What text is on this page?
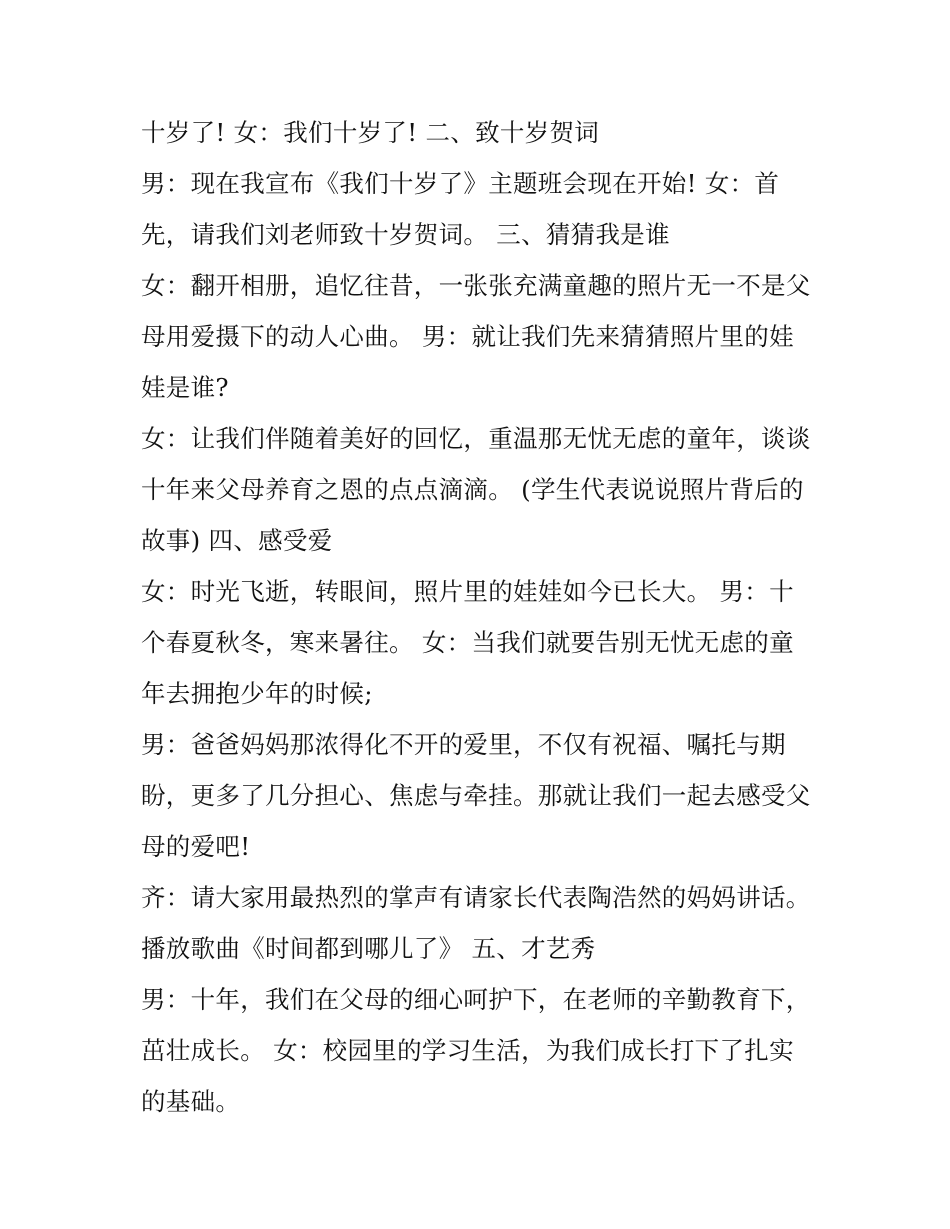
十岁了! 女：我们十岁了! 二、致十岁贺词
男：现在我宣布《我们十岁了》主题班会现在开始! 女：首
先，请我们刘老师致十岁贺词。 三、猜猜我是谁
女：翻开相册，追忆往昔，一张张充满童趣的照片无一不是父
母用爱摄下的动人心曲。 男：就让我们先来猜猜照片里的娃
娃是谁?
女：让我们伴随着美好的回忆，重温那无忧无虑的童年，谈谈
十年来父母养育之恩的点点滴滴。 (学生代表说说照片背后的
故事) 四、感受爱
女：时光飞逝，转眼间，照片里的娃娃如今已长大。 男：十
个春夏秋冬，寒来暑往。 女：当我们就要告别无忧无虑的童
年去拥抱少年的时候;
男：爸爸妈妈那浓得化不开的爱里，不仅有祝福、嘱托与期
盼，更多了几分担心、焦虑与牵挂。那就让我们一起去感受父
母的爱吧!
齐：请大家用最热烈的掌声有请家长代表陶浩然的妈妈讲话。
播放歌曲《时间都到哪儿了》 五、才艺秀
男：十年，我们在父母的细心呵护下，在老师的辛勤教育下，
茁壮成长。 女：校园里的学习生活，为我们成长打下了扎实
的基础。
